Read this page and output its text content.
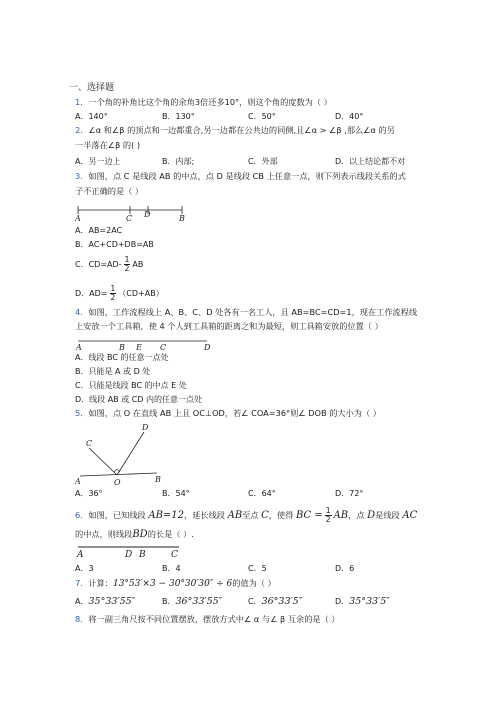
一、选择题
1．一个角的补角比这个角的余角3倍还多10°，则这个角的度数为（ ）
A．140°	B．130°	C．50°	D．40°
2．∠α 和∠β 的顶点和一边都重合,另一边都在公共边的同侧,且∠α > ∠β ,那么∠α 的另
一半落在∠β 的( )
A．另一边上	B．内部;	C．外部	D．以上结论都不对
3．如图，点 C 是线段 AB 的中点，点 D 是线段 CB 上任意一点，则下列表示线段关系的式
子不正确的是（ ）
A	C D	B
A．AB=2AC
B．AC+CD+DB=AB
C．$CD=AD- \frac{1}{2}$ AB
D．$AD= \frac{1}{2} (CD+AB)$
4．如图，工作流程线上 A、B、C、D 处各有一名工人，且 AB=BC=CD=1，现在工作流程线
上安放一个工具箱，使 4 个人到工具箱的距离之和为最短，则工具箱安放的位置（ ）
A	B E C	D
A．线段 BC 的任意一点处
B．只能是 A 或 D 处
C．只能是线段 BC 的中点 E 处
D．线段 AB 或 CD 内的任意一点处
5．如图，点 O 在直线 AB 上且 OC⊥OD，若∠ COA=36°则∠ DOB 的大小为（ ）
A	O	B
C
D
A．36°	B．54°	C．64°	D．72°
6．如图，已知线段 AB=12，延长线段 AB至点 C，使得 BC = $\frac{1}{2}$ AB，点 D是线段 AC
的中点，则线段BD的长是（ ）.
A	D B	C
A．3	B．4	C．5	D．6
7．计算：13°53′×3 − 30°30′30″ ÷ 6的值为（ ）
A．35°33′55″	B．36°33′55″	C．36°33′5″	D．35°33′5″
8．将一副三角尺按不同位置摆放，摆放方式中∠ α 与∠ β 互余的是（ ）
